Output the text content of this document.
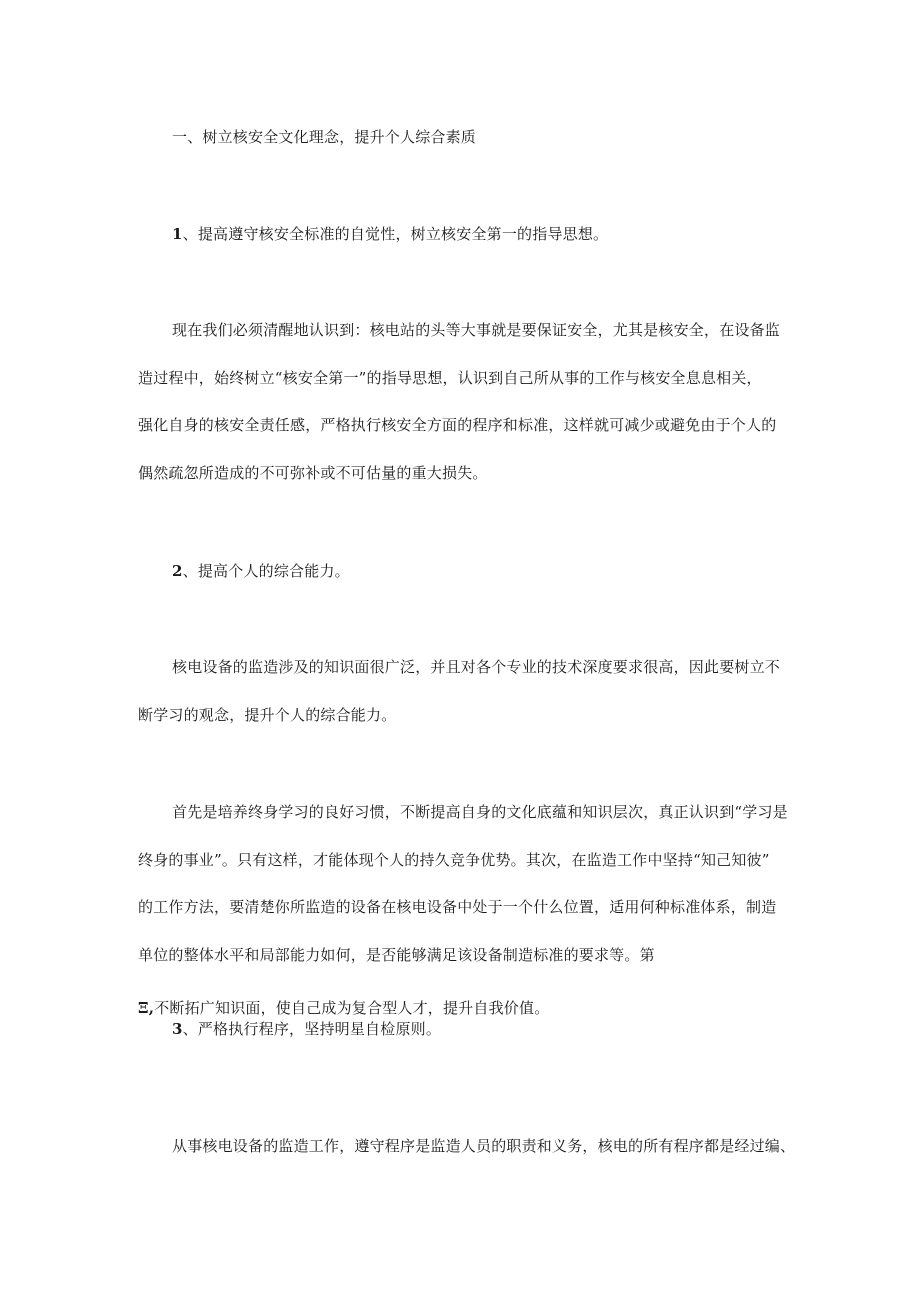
一、树立核安全文化理念，提升个人综合素质
1、提高遵守核安全标准的自觉性，树立核安全第一的指导思想。
现在我们必须清醒地认识到：核电站的头等大事就是要保证安全，尤其是核安全，在设备监
造过程中，始终树立“核安全第一”的指导思想，认识到自己所从事的工作与核安全息息相关，
强化自身的核安全责任感，严格执行核安全方面的程序和标准，这样就可减少或避免由于个人的
偶然疏忽所造成的不可弥补或不可估量的重大损失。
2、提高个人的综合能力。
核电设备的监造涉及的知识面很广泛，并且对各个专业的技术深度要求很高，因此要树立不
断学习的观念，提升个人的综合能力。
首先是培养终身学习的良好习惯，不断提高自身的文化底蕴和知识层次，真正认识到“学习是
终身的事业”。只有这样，才能体现个人的持久竞争优势。其次，在监造工作中坚持“知己知彼”
的工作方法，要清楚你所监造的设备在核电设备中处于一个什么位置，适用何种标准体系，制造
单位的整体水平和局部能力如何，是否能够满足该设备制造标准的要求等。第
Ξ,不断拓广知识面，使自己成为复合型人才，提升自我价值。
3、严格执行程序，坚持明星自检原则。
从事核电设备的监造工作，遵守程序是监造人员的职责和义务，核电的所有程序都是经过编、
